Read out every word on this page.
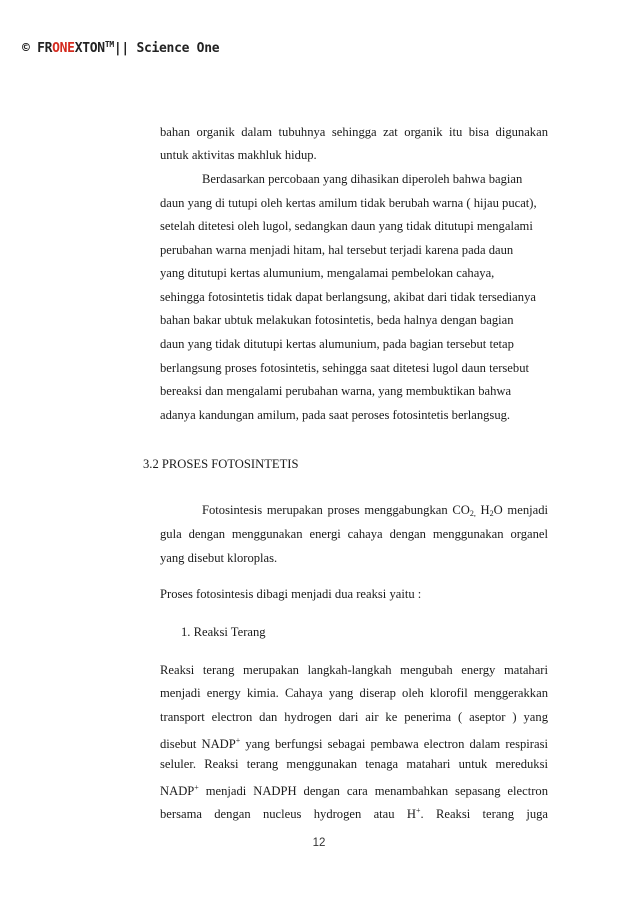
© FRONEXTON™|| Science One
bahan organik dalam tubuhnya sehingga zat organik itu bisa digunakan
untuk aktivitas makhluk hidup.
Berdasarkan percobaan yang dihasikan diperoleh bahwa bagian
daun yang di tutupi oleh kertas amilum tidak berubah warna ( hijau pucat),
setelah ditetesi oleh lugol, sedangkan daun yang tidak ditutupi mengalami
perubahan warna menjadi hitam, hal tersebut terjadi karena pada daun
yang ditutupi kertas alumunium, mengalamai pembelokan cahaya,
sehingga fotosintetis tidak dapat berlangsung, akibat dari tidak tersedianya
bahan bakar ubtuk melakukan fotosintetis, beda halnya dengan bagian
daun yang tidak ditutupi kertas alumunium, pada bagian tersebut tetap
berlangsung proses fotosintetis, sehingga saat ditetesi lugol daun tersebut
bereaksi dan mengalami perubahan warna, yang membuktikan bahwa
adanya kandungan amilum, pada saat peroses fotosintetis berlangsug.
3.2 PROSES FOTOSINTETIS
Fotosintesis merupakan proses menggabungkan $CO_{2,}$ $H_2O$ menjadi
gula dengan menggunakan energi cahaya dengan menggunakan organel
yang disebut kloroplas.
Proses fotosintesis dibagi menjadi dua reaksi yaitu :
1. Reaksi Terang
Reaksi terang merupakan langkah-langkah mengubah energy matahari
menjadi energy kimia. Cahaya yang diserap oleh klorofil menggerakkan
transport electron dan hydrogen dari air ke penerima ( aseptor ) yang
disebut NADP+ yang berfungsi sebagai pembawa electron dalam respirasi
seluler. Reaksi terang menggunakan tenaga matahari untuk mereduksi
NADP+ menjadi NADPH dengan cara menambahkan sepasang electron
bersama dengan nucleus hydrogen atau H+. Reaksi terang juga
12
